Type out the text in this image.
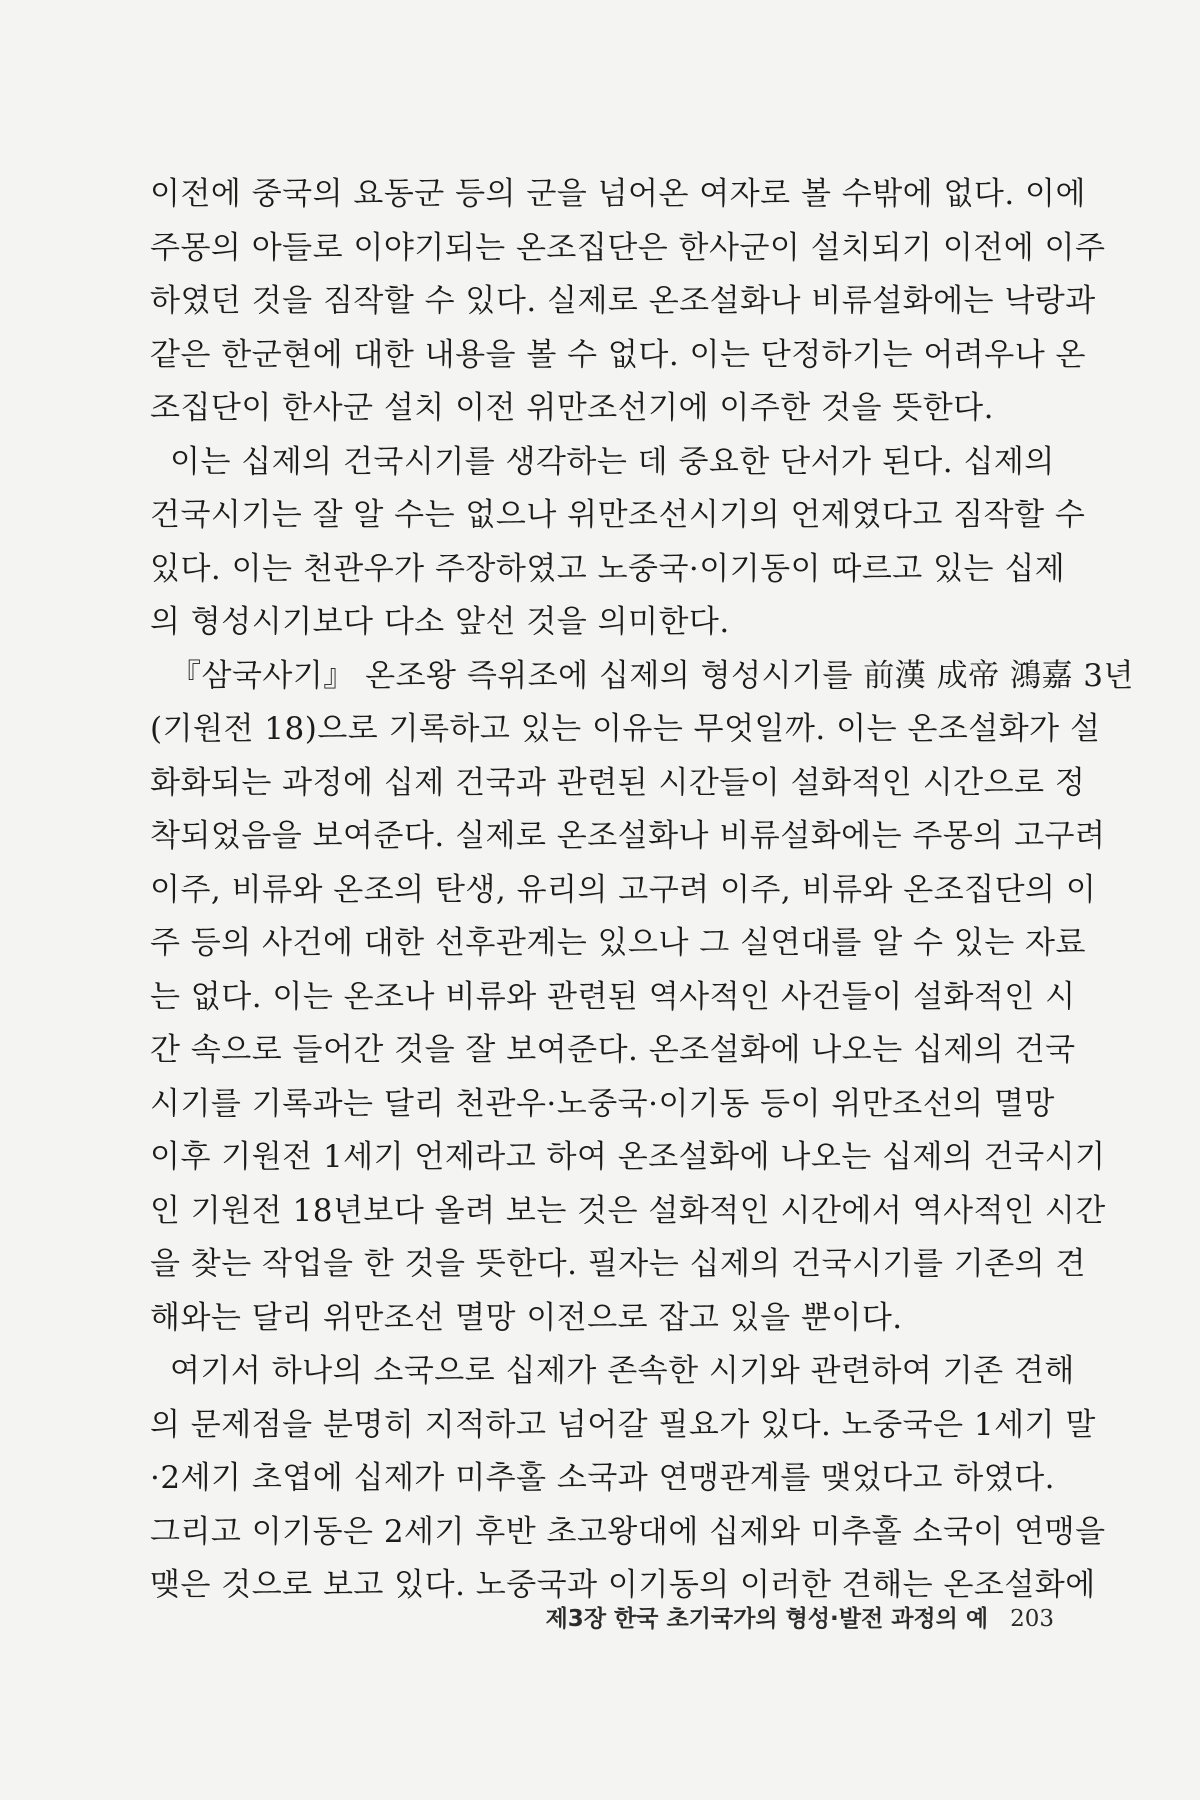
이전에 중국의 요동군 등의 군을 넘어온 여자로 볼 수밖에 없다. 이에
주몽의 아들로 이야기되는 온조집단은 한사군이 설치되기 이전에 이주
하였던 것을 짐작할 수 있다. 실제로 온조설화나 비류설화에는 낙랑과
같은 한군현에 대한 내용을 볼 수 없다. 이는 단정하기는 어려우나 온
조집단이 한사군 설치 이전 위만조선기에 이주한 것을 뜻한다.
이는 십제의 건국시기를 생각하는 데 중요한 단서가 된다. 십제의
건국시기는 잘 알 수는 없으나 위만조선시기의 언제였다고 짐작할 수
있다. 이는 천관우가 주장하였고 노중국·이기동이 따르고 있는 십제
의 형성시기보다 다소 앞선 것을 의미한다.
『삼국사기』 온조왕 즉위조에 십제의 형성시기를 前漢 成帝 鴻嘉 3년
(기원전 18)으로 기록하고 있는 이유는 무엇일까. 이는 온조설화가 설
화화되는 과정에 십제 건국과 관련된 시간들이 설화적인 시간으로 정
착되었음을 보여준다. 실제로 온조설화나 비류설화에는 주몽의 고구려
이주, 비류와 온조의 탄생, 유리의 고구려 이주, 비류와 온조집단의 이
주 등의 사건에 대한 선후관계는 있으나 그 실연대를 알 수 있는 자료
는 없다. 이는 온조나 비류와 관련된 역사적인 사건들이 설화적인 시
간 속으로 들어간 것을 잘 보여준다. 온조설화에 나오는 십제의 건국
시기를 기록과는 달리 천관우·노중국·이기동 등이 위만조선의 멸망
이후 기원전 1세기 언제라고 하여 온조설화에 나오는 십제의 건국시기
인 기원전 18년보다 올려 보는 것은 설화적인 시간에서 역사적인 시간
을 찾는 작업을 한 것을 뜻한다. 필자는 십제의 건국시기를 기존의 견
해와는 달리 위만조선 멸망 이전으로 잡고 있을 뿐이다.
여기서 하나의 소국으로 십제가 존속한 시기와 관련하여 기존 견해
의 문제점을 분명히 지적하고 넘어갈 필요가 있다. 노중국은 1세기 말
·2세기 초엽에 십제가 미추홀 소국과 연맹관계를 맺었다고 하였다.
그리고 이기동은 2세기 후반 초고왕대에 십제와 미추홀 소국이 연맹을
맺은 것으로 보고 있다. 노중국과 이기동의 이러한 견해는 온조설화에
제3장 한국 초기국가의 형성·발전 과정의 예 203
